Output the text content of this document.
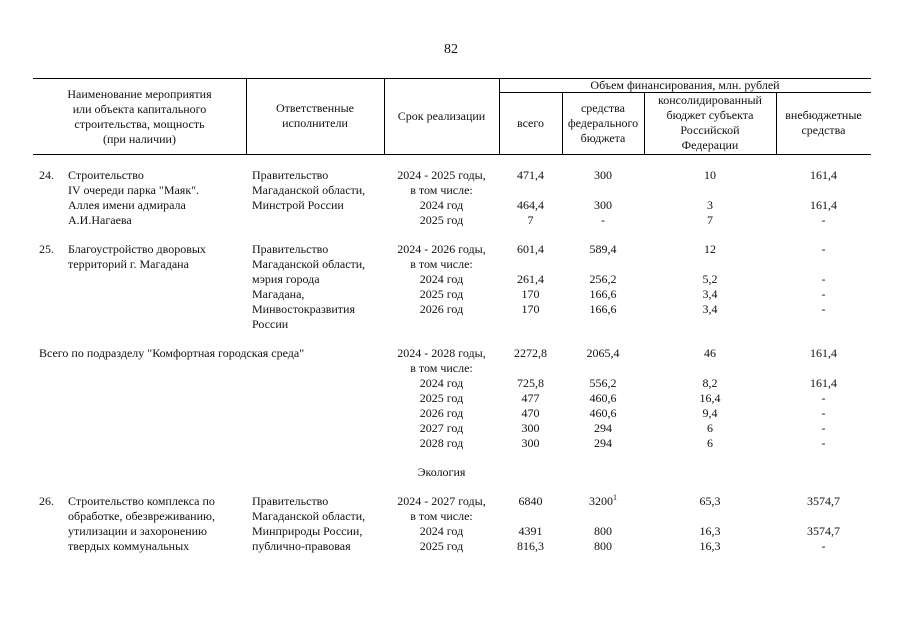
82
Наименование мероприятия
или объекта капитального
строительства, мощность
(при наличии)
Ответственные
исполнители	Срок реализации
Объем финансирования, млн. рублей
всего
средства
федерального
бюджета
консолидированный
бюджет субъекта
Российской
Федерации
внебюджетные
средства
24. Строительство
IV очереди парка "Маяк".
Аллея имени адмирала
А.И.Нагаева
Правительство
Магаданской области,
Минстрой России
2024 - 2025 годы,
в том числе:
2024 год
2025 год
471,4
464,4
7
300
300
-
10
3
7
161,4
161,4
-
25. Благоустройство дворовых
территорий г. Магадана
Правительство
Магаданской области,
мэрия города
Магадана,
Минвостокразвития
России
2024 - 2026 годы,
в том числе:
2024 год
2025 год
2026 год
601,4
261,4
170
170
589,4
256,2
166,6
166,6
12
5,2
3,4
3,4
-
-
-
-
Всего по подразделу "Комфортная городская среда"	2024 - 2028 годы,
в том числе:
2024 год
2025 год
2026 год
2027 год
2028 год
2272,8
725,8
477
470
300
300
2065,4
556,2
460,6
460,6
294
294
46
8,2
16,4
9,4
6
6
161,4
161,4
-
-
-
-
Экология
26. Строительство комплекса по
обработке, обезвреживанию,
утилизации и захоронению
твердых коммунальных
Правительство
Магаданской области,
Минприроды России,
публично-правовая
2024 - 2027 годы,
в том числе:
2024 год
2025 год
6840
4391
816,3
3200$^1$
800
800
65,3
16,3
16,3
3574,7
3574,7
-
